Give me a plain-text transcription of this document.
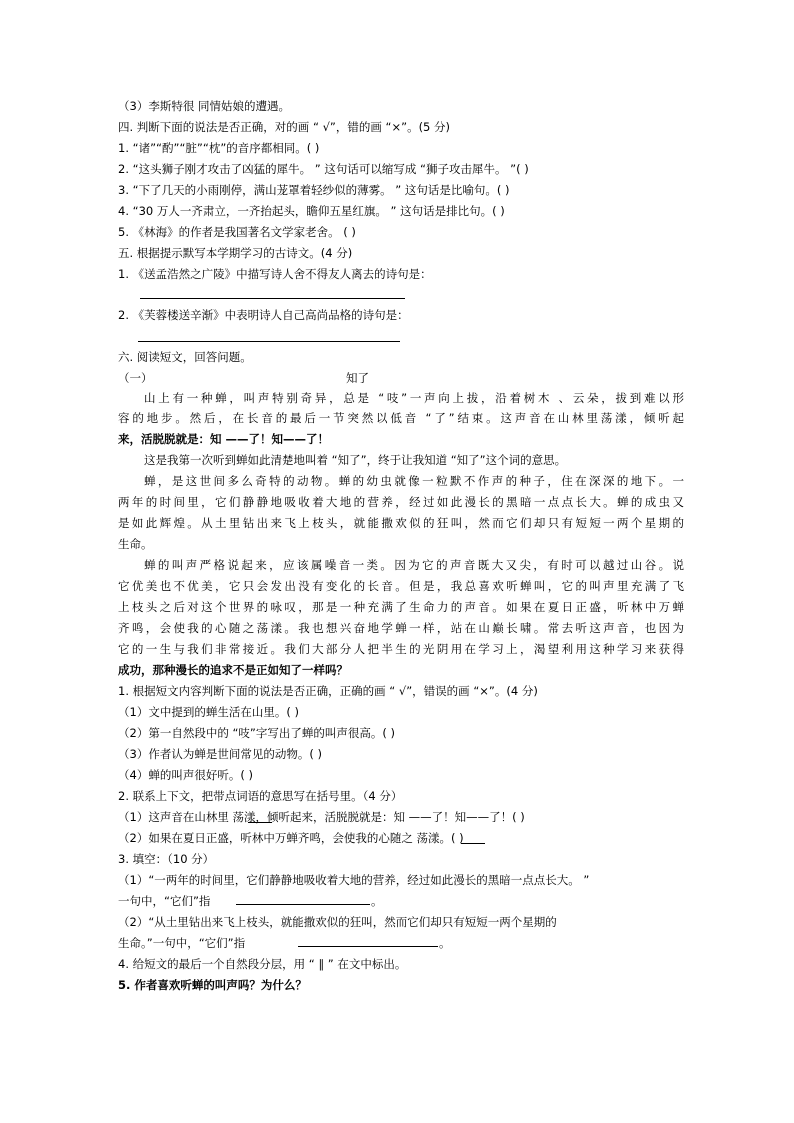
（3）李斯特很 同情姑娘的遭遇。
四. 判断下面的说法是否正确，对的画 “ √”，错的画 “×”。(5 分)
1. “诸”“酌”“脏”“枕”的音序都相同。( )
2. “这头狮子刚才攻击了凶猛的犀牛。 ” 这句话可以缩写成 “狮子攻击犀牛。 ”( )
3. “下了几天的小雨刚停，满山茏罩着轻纱似的薄雾。 ” 这句话是比喻句。( )
4. “30 万人一齐肃立，一齐抬起头，瞻仰五星红旗。 ” 这句话是排比句。( )
5. 《林海》的作者是我国著名文学家老舍。 ( )
五. 根据提示默写本学期学习的古诗文。(4 分)
1. 《送孟浩然之广陵》中描写诗人舍不得友人离去的诗句是：
2. 《芙蓉楼送辛渐》中表明诗人自己高尚品格的诗句是：
六. 阅读短文，回答问题。
（一）	知了
山上有一种蝉，叫声特别奇异，总是 “吱”一声向上拔，沿着树木 、云朵，拔到难以形
容的地步。然后，在长音的最后一节突然以低音 “了”结束。这声音在山林里荡漾，倾听起
来，活脱脱就是：知 ——了！知——了！
这是我第一次听到蝉如此清楚地叫着 “知了”，终于让我知道 “知了”这个词的意思。
蝉，是这世间多么奇特的动物。蝉的幼虫就像一粒默不作声的种子，住在深深的地下。一
两年的时间里，它们静静地吸收着大地的营养，经过如此漫长的黑暗一点点长大。蝉的成虫又
是如此辉煌。从土里钻出来飞上枝头，就能撒欢似的狂叫，然而它们却只有短短一两个星期的
生命。
蝉的叫声严格说起来，应该属噪音一类。因为它的声音既大又尖，有时可以越过山谷。说
它优美也不优美，它只会发出没有变化的长音。但是，我总喜欢听蝉叫，它的叫声里充满了飞
上枝头之后对这个世界的咏叹，那是一种充满了生命力的声音。如果在夏日正盛，听林中万蝉
齐鸣，会使我的心随之荡漾。我也想兴奋地学蝉一样，站在山巅长啸。常去听这声音，也因为
它的一生与我们非常接近。我们大部分人把半生的光阴用在学习上，渴望利用这种学习来获得
成功，那种漫长的追求不是正如知了一样吗？
1. 根据短文内容判断下面的说法是否正确，正确的画 “ √”，错误的画 “×”。(4 分)
（1）文中提到的蝉生活在山里。( )
（2）第一自然段中的 “吱”字写出了蝉的叫声很高。( )
（3）作者认为蝉是世间常见的动物。( )
（4）蝉的叫声很好听。( )
2. 联系上下文，把带点词语的意思写在括号里。（4 分）
（1）这声音在山林里 荡漾，倾听起来，活脱脱就是：知 ——了！知——了！( )
（2）如果在夏日正盛，听林中万蝉齐鸣，会使我的心随之 荡漾。( )
3. 填空：（10 分）
（1）“一两年的时间里，它们静静地吸收着大地的营养，经过如此漫长的黑暗一点点长大。 ”
一句中，“它们”指	。
（2）“从土里钻出来飞上枝头，就能撒欢似的狂叫，然而它们却只有短短一两个星期的
生命。”一句中，“它们”指	。
4. 给短文的最后一个自然段分层，用 “ ∥ ” 在文中标出。
5. 作者喜欢听蝉的叫声吗？为什么？
